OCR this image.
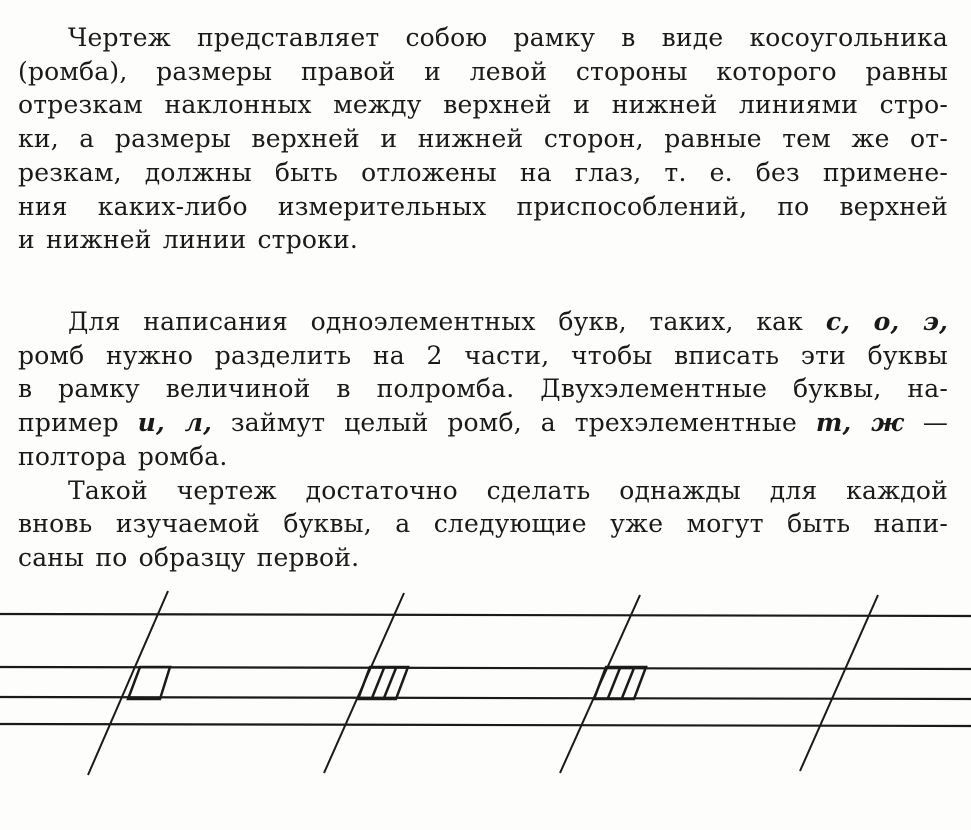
Чертеж представляет собою рамку в виде косоугольника
(ромба), размеры правой и левой стороны которого равны
отрезкам наклонных между верхней и нижней линиями стро-
ки, а размеры верхней и нижней сторон, равные тем же от-
резкам, должны быть отложены на глаз, т. е. без примене-
ния каких-либо измерительных приспособлений, по верхней
и нижней линии строки.
Для написания одноэлементных букв, таких, как с, о, э,
ромб нужно разделить на 2 части, чтобы вписать эти буквы
в рамку величиной в полромба. Двухэлементные буквы, на-
пример и, л, займут целый ромб, а трехэлементные т, ж —
полтора ромба.
Такой чертеж достаточно сделать однажды для каждой
вновь изучаемой буквы, а следующие уже могут быть напи-
саны по образцу первой.
